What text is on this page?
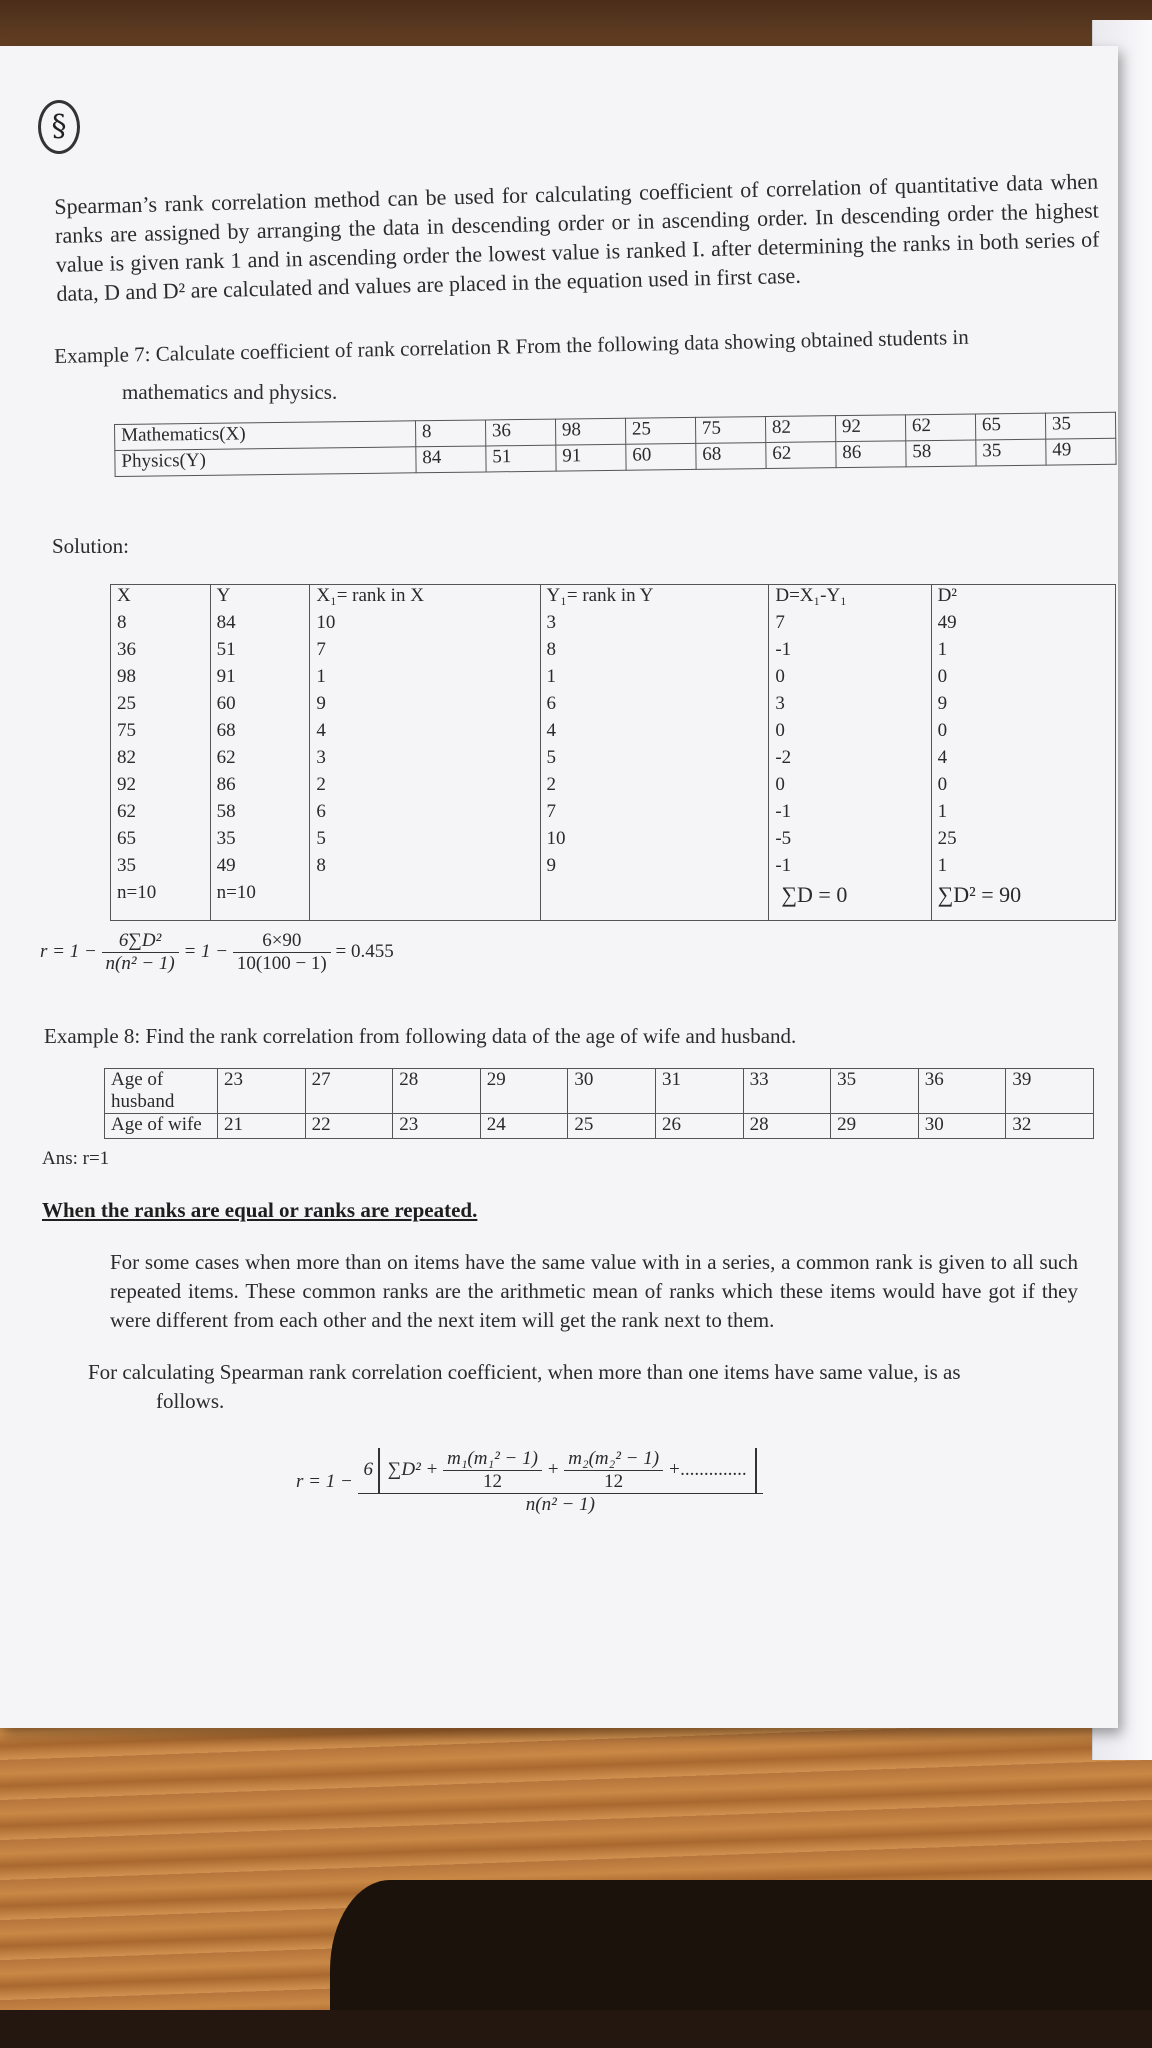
§
Spearman’s rank correlation method can be used for calculating coefficient of correlation of quantitative data when ranks are assigned by arranging the data in descending order or in ascending order. In descending order the highest value is given rank 1 and in ascending order the lowest value is ranked I. after determining the ranks in both series of data, D and D² are calculated and values are placed in the equation used in first case.
Example 7: Calculate coefficient of rank correlation R From the following data showing obtained students in
mathematics and physics.
Mathematics(X)	8	36	98	25	75	82	92	62	65	35
Physics(Y)	84	51	91	60	68	62	86	58	35	49
Solution:
X	Y	X₁= rank in X	Y₁= rank in Y	D=X₁-Y₁	D²
8	84	10	3	7	49
36	51	7	8	-1	1
98	91	1	1	0	0
25	60	9	6	3	9
75	68	4	4	0	0
82	62	3	5	-2	4
92	86	2	2	0	0
62	58	6	7	-1	1
65	35	5	10	-5	25
35	49	8	9	-1	1
n=10	n=10			∑D = 0	∑D² = 90
$r = 1 - \frac{\text{6∑D²}}{\text{n(n² − 1)}} = 1 - \frac{6\times 90}{10(100 - 1)} = 0.455$
Example 8: Find the rank correlation from following data of the age of wife and husband.
Age of husband	23	27	28	29	30	31	33	35	36	39
Age of wife	21	22	23	24	25	26	28	29	30	32
Ans: r=1
When the ranks are equal or ranks are repeated.
For some cases when more than on items have the same value with in a series, a common rank is given to all such repeated items. These common ranks are the arithmetic mean of ranks which these items would have got if they were different from each other and the next item will get the rank next to them.
For calculating Spearman rank correlation coefficient, when more than one items have same value, is as
follows.
r = 1 −
6 $\sum D^2 + \frac{\text{m₁(m₁² − 1)}}{12} + \frac{\text{m₂(m₂² − 1)}}{12}$ +..............
n(n² − 1)
